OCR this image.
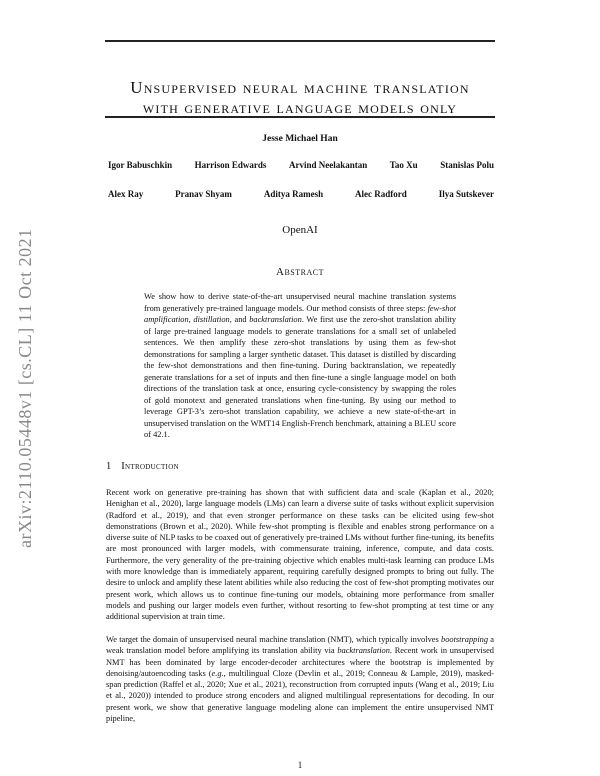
arXiv:2110.05448v1 [cs.CL] 11 Oct 2021
Unsupervised neural machine translation
with generative language models only
Jesse Michael Han
Igor Babuschkin	Harrison Edwards	Arvind Neelakantan	Tao Xu	Stanislas Polu
Alex Ray	Pranav Shyam	Aditya Ramesh	Alec Radford	Ilya Sutskever
OpenAI
Abstract
We show how to derive state-of-the-art unsupervised neural machine translation systems from generatively pre-trained language models. Our method consists of three steps: few-shot amplification, distillation, and backtranslation. We first use the zero-shot translation ability of large pre-trained language models to generate translations for a small set of unlabeled sentences. We then amplify these zero-shot translations by using them as few-shot demonstrations for sampling a larger synthetic dataset. This dataset is distilled by discarding the few-shot demonstrations and then fine-tuning. During backtranslation, we repeatedly generate translations for a set of inputs and then fine-tune a single language model on both directions of the translation task at once, ensuring cycle-consistency by swapping the roles of gold monotext and generated translations when fine-tuning. By using our method to leverage GPT-3’s zero-shot translation capability, we achieve a new state-of-the-art in unsupervised translation on the WMT14 English-French benchmark, attaining a BLEU score of 42.1.
1 Introduction
Recent work on generative pre-training has shown that with sufficient data and scale (Kaplan et al., 2020; Henighan et al., 2020), large language models (LMs) can learn a diverse suite of tasks without explicit supervision (Radford et al., 2019), and that even stronger performance on these tasks can be elicited using few-shot demonstrations (Brown et al., 2020). While few-shot prompting is flexible and enables strong performance on a diverse suite of NLP tasks to be coaxed out of generatively pre-trained LMs without further fine-tuning, its benefits are most pronounced with larger models, with commensurate training, inference, compute, and data costs. Furthermore, the very generality of the pre-training objective which enables multi-task learning can produce LMs with more knowledge than is immediately apparent, requiring carefully designed prompts to bring out fully. The desire to unlock and amplify these latent abilities while also reducing the cost of few-shot prompting motivates our present work, which allows us to continue fine-tuning our models, obtaining more performance from smaller models and pushing our larger models even further, without resorting to few-shot prompting at test time or any additional supervision at train time.
We target the domain of unsupervised neural machine translation (NMT), which typically involves bootstrapping a weak translation model before amplifying its translation ability via backtranslation. Recent work in unsupervised NMT has been dominated by large encoder-decoder architectures where the bootstrap is implemented by denoising/autoencoding tasks (e.g., multilingual Cloze (Devlin et al., 2019; Conneau & Lample, 2019), masked-span prediction (Raffel et al., 2020; Xue et al., 2021), reconstruction from corrupted inputs (Wang et al., 2019; Liu et al., 2020)) intended to produce strong encoders and aligned multilingual representations for decoding. In our present work, we show that generative language modeling alone can implement the entire unsupervised NMT pipeline,
1
